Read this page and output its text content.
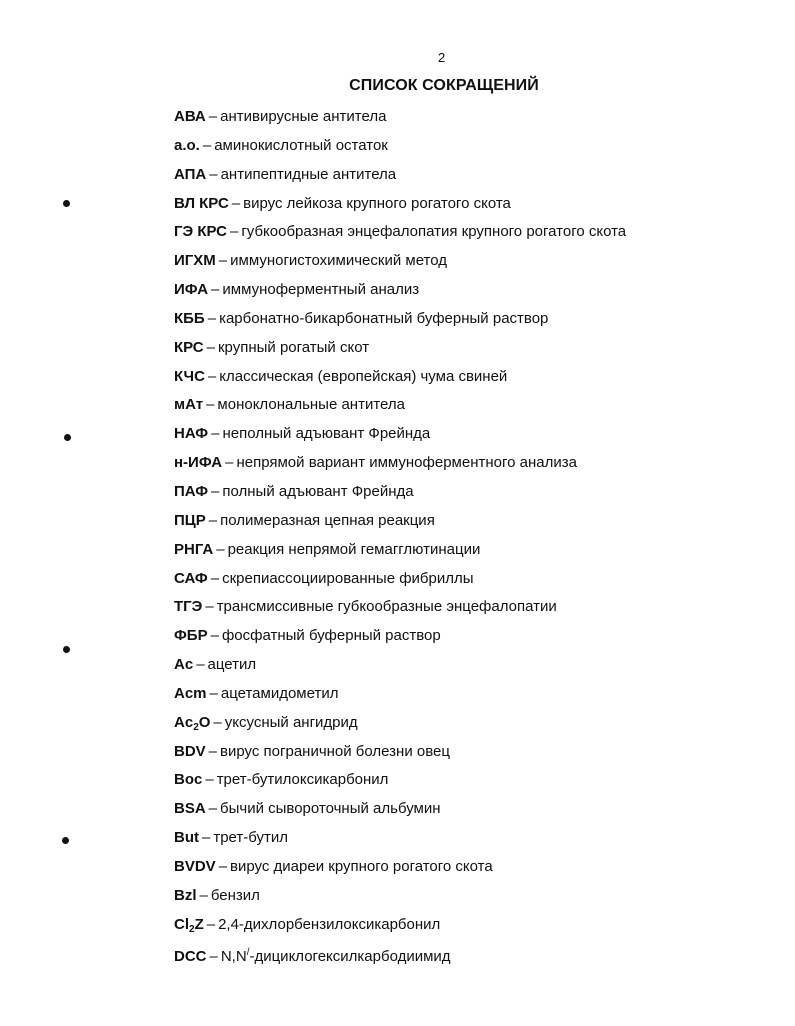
2
СПИСОК СОКРАЩЕНИЙ
АВА – антивирусные антитела
а.о. – аминокислотный остаток
АПА – антипептидные антитела
ВЛ КРС – вирус лейкоза крупного рогатого скота
ГЭ КРС – губкообразная энцефалопатия крупного рогатого скота
ИГХМ – иммуногистохимический метод
ИФА – иммуноферментный анализ
КББ – карбонатно-бикарбонатный буферный раствор
КРС – крупный рогатый скот
КЧС – классическая (европейская) чума свиней
мАт – моноклональные антитела
НАФ – неполный адъювант Фрейнда
н-ИФА – непрямой вариант иммуноферментного анализа
ПАФ – полный адъювант Фрейнда
ПЦР – полимеразная цепная реакция
РНГА – реакция непрямой гемагглютинации
САФ – скрепиассоциированные фибриллы
ТГЭ – трансмиссивные губкообразные энцефалопатии
ФБР – фосфатный буферный раствор
Ac – ацетил
Acm – ацетамидометил
$Ac_2O$ – уксусный ангидрид
BDV – вирус пограничной болезни овец
Boc – трет-бутилоксикарбонил
BSA – бычий сывороточный альбумин
But – трет-бутил
BVDV – вирус диареи крупного рогатого скота
Bzl – бензил
$Cl_2Z$ – 2,4-дихлорбензилоксикарбонил
DCC – N,N/-дициклогексилкарбодиимид
